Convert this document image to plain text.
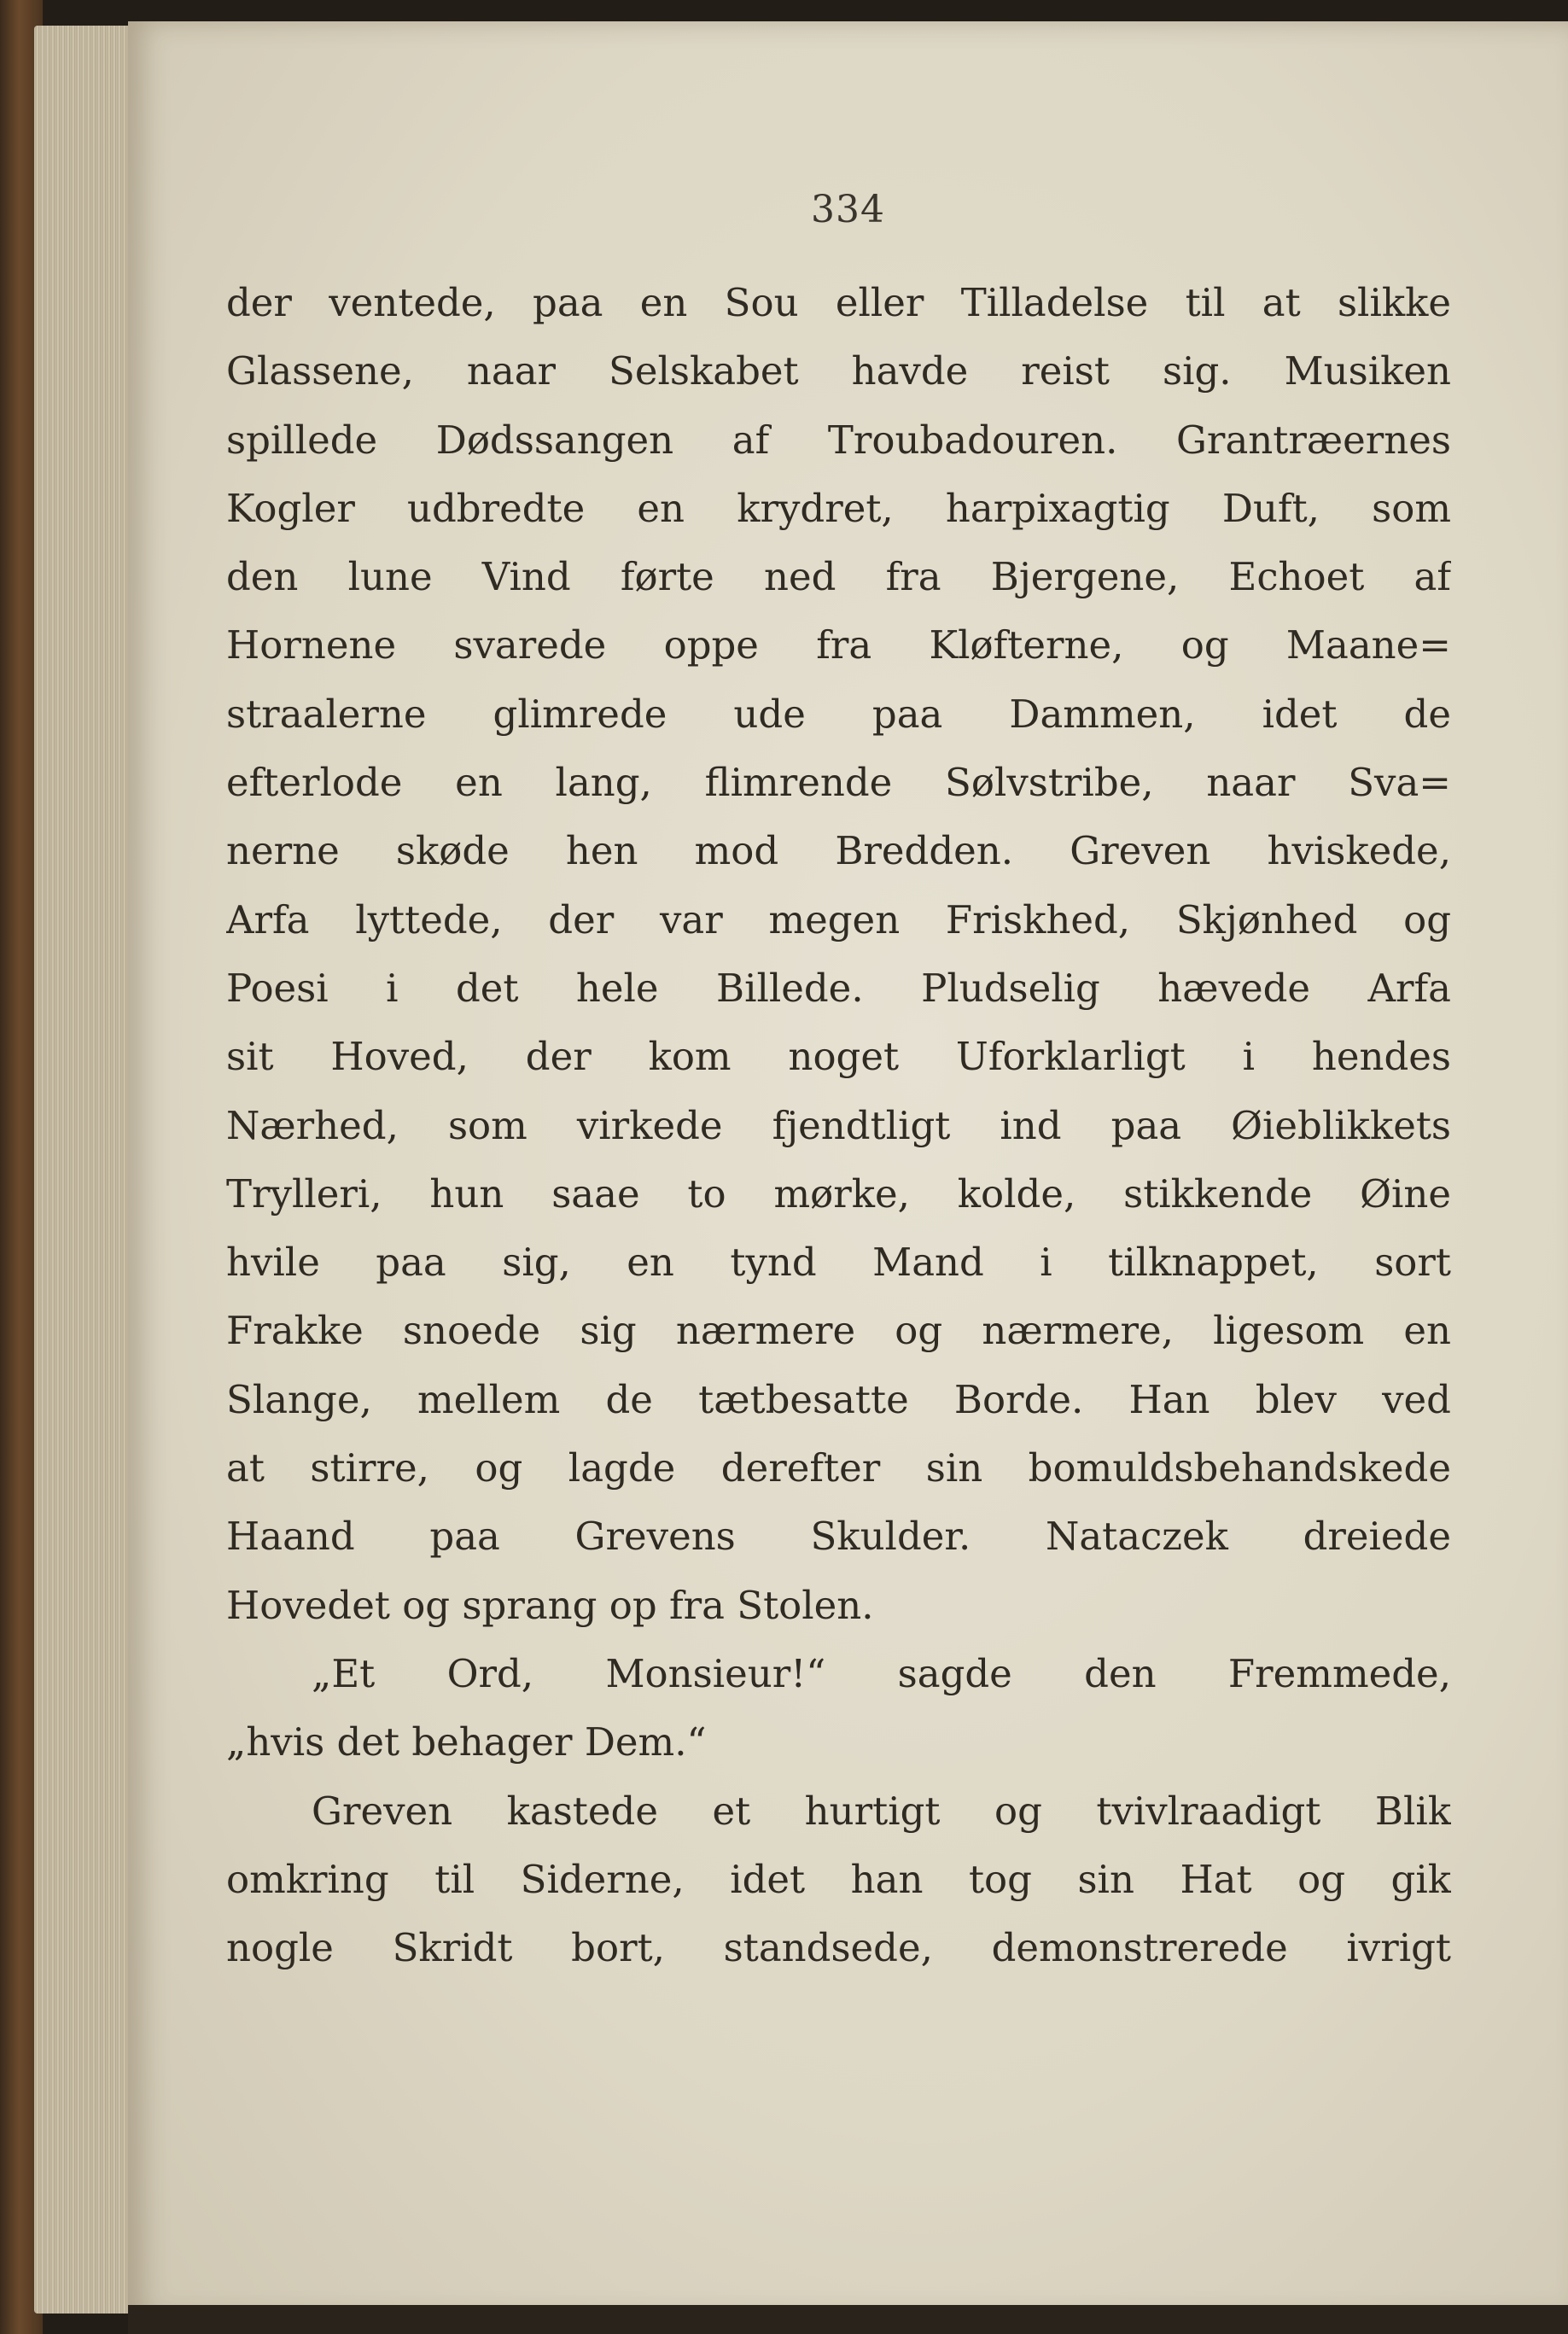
334
der ventede, paa en Sou eller Tilladelse til at slikke
Glassene, naar Selskabet havde reist sig. Musiken
spillede Dødssangen af Troubadouren. Grantræernes
Kogler udbredte en krydret, harpixagtig Duft, som
den lune Vind førte ned fra Bjergene, Echoet af
Hornene svarede oppe fra Kløfterne, og Maane=
straalerne glimrede ude paa Dammen, idet de
efterlode en lang, flimrende Sølvstribe, naar Sva=
nerne skøde hen mod Bredden. Greven hviskede,
Arfa lyttede, der var megen Friskhed, Skjønhed og
Poesi i det hele Billede. Pludselig hævede Arfa
sit Hoved, der kom noget Uforklarligt i hendes
Nærhed, som virkede fjendtligt ind paa Øieblikkets
Trylleri, hun saae to mørke, kolde, stikkende Øine
hvile paa sig, en tynd Mand i tilknappet, sort
Frakke snoede sig nærmere og nærmere, ligesom en
Slange, mellem de tætbesatte Borde. Han blev ved
at stirre, og lagde derefter sin bomuldsbehandskede
Haand paa Grevens Skulder. Nataczek dreiede
Hovedet og sprang op fra Stolen.
„Et Ord, Monsieur!“ sagde den Fremmede,
„hvis det behager Dem.“
Greven kastede et hurtigt og tvivlraadigt Blik
omkring til Siderne, idet han tog sin Hat og gik
nogle Skridt bort, standsede, demonstrerede ivrigt
